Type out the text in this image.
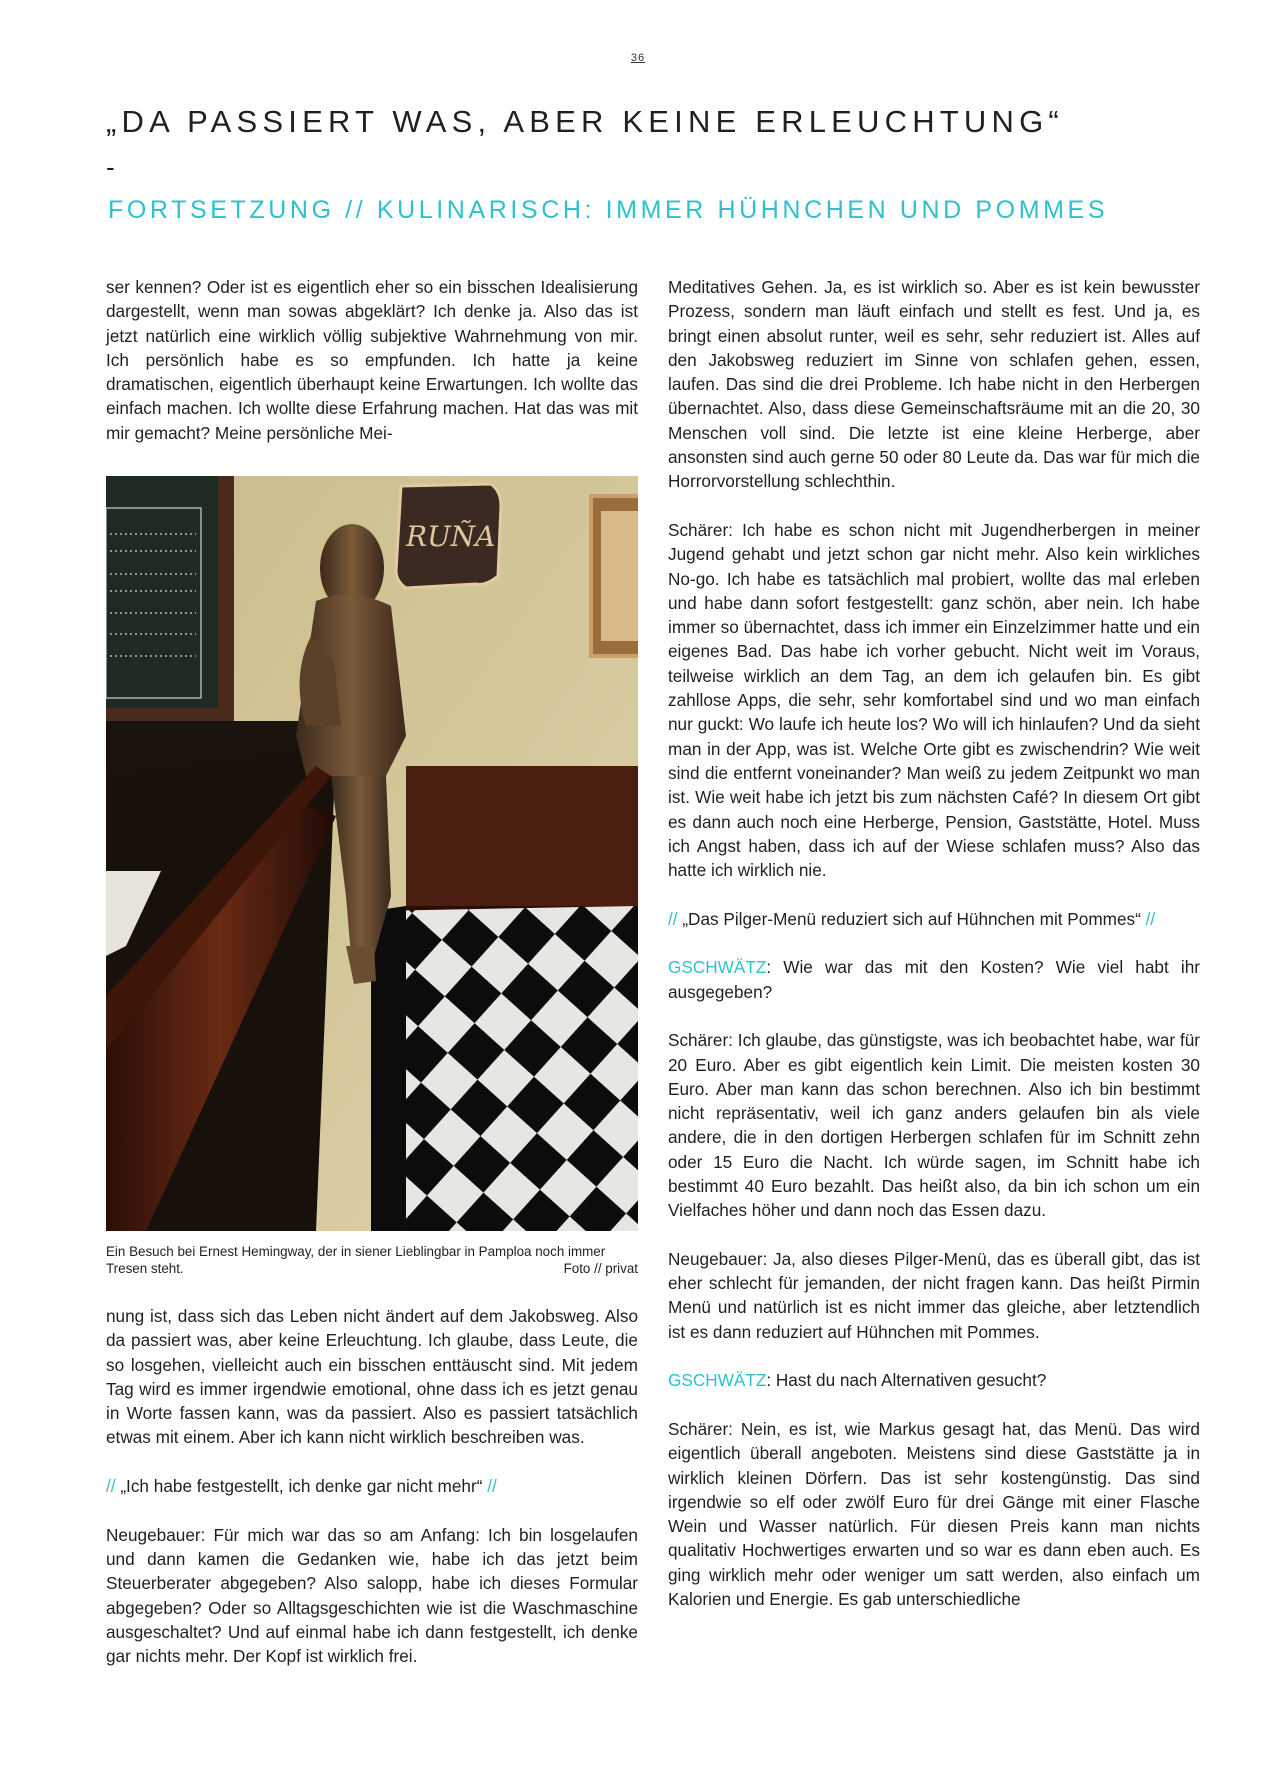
36
„DA PASSIERT WAS, ABER KEINE ERLEUCHTUNG“
-
FORTSETZUNG // KULINARISCH: IMMER HÜHNCHEN UND POMMES

ser kennen? Oder ist es eigentlich eher so ein bisschen Idealisierung dargestellt, wenn man sowas abgeklärt? Ich denke ja. Also das ist jetzt natürlich eine wirklich völlig subjektive Wahrnehmung von mir. Ich persönlich habe es so empfunden. Ich hatte ja keine dramatischen, eigentlich überhaupt keine Erwartungen. Ich wollte das einfach machen. Ich wollte diese Erfahrung machen. Hat das was mit mir gemacht? Meine persönliche Mei-

RUÑA
Ein Besuch bei Ernest Hemingway, der in siener Lieblingbar in Pamploa noch immer Tresen steht.	Foto // privat

nung ist, dass sich das Leben nicht ändert auf dem Jakobsweg. Also da passiert was, aber keine Erleuchtung. Ich glaube, dass Leute, die so losgehen, vielleicht auch ein bisschen enttäuscht sind. Mit jedem Tag wird es immer irgendwie emotional, ohne dass ich es jetzt genau in Worte fassen kann, was da passiert. Also es passiert tatsächlich etwas mit einem. Aber ich kann nicht wirklich beschreiben was.

// „Ich habe festgestellt, ich denke gar nicht mehr“ //

Neugebauer: Für mich war das so am Anfang: Ich bin losgelaufen und dann kamen die Gedanken wie, habe ich das jetzt beim Steuerberater abgegeben? Also salopp, habe ich dieses Formular abgegeben? Oder so Alltagsgeschichten wie ist die Waschmaschine ausgeschaltet? Und auf einmal habe ich dann festgestellt, ich denke gar nichts mehr. Der Kopf ist wirklich frei.

Meditatives Gehen. Ja, es ist wirklich so. Aber es ist kein bewusster Prozess, sondern man läuft einfach und stellt es fest. Und ja, es bringt einen absolut runter, weil es sehr, sehr reduziert ist. Alles auf den Jakobsweg reduziert im Sinne von schlafen gehen, essen, laufen. Das sind die drei Probleme. Ich habe nicht in den Herbergen übernachtet. Also, dass diese Gemeinschaftsräume mit an die 20, 30 Menschen voll sind. Die letzte ist eine kleine Herberge, aber ansonsten sind auch gerne 50 oder 80 Leute da. Das war für mich die Horrorvorstellung schlechthin.

Schärer: Ich habe es schon nicht mit Jugendherbergen in meiner Jugend gehabt und jetzt schon gar nicht mehr. Also kein wirkliches No-go. Ich habe es tatsächlich mal probiert, wollte das mal erleben und habe dann sofort festgestellt: ganz schön, aber nein. Ich habe immer so übernachtet, dass ich immer ein Einzelzimmer hatte und ein eigenes Bad. Das habe ich vorher gebucht. Nicht weit im Voraus, teilweise wirklich an dem Tag, an dem ich gelaufen bin. Es gibt zahllose Apps, die sehr, sehr komfortabel sind und wo man einfach nur guckt: Wo laufe ich heute los? Wo will ich hinlaufen? Und da sieht man in der App, was ist. Welche Orte gibt es zwischendrin? Wie weit sind die entfernt voneinander? Man weiß zu jedem Zeitpunkt wo man ist. Wie weit habe ich jetzt bis zum nächsten Café? In diesem Ort gibt es dann auch noch eine Herberge, Pension, Gaststätte, Hotel. Muss ich Angst haben, dass ich auf der Wiese schlafen muss? Also das hatte ich wirklich nie.

// „Das Pilger-Menü reduziert sich auf Hühnchen mit Pommes“ //

GSCHWÄTZ: Wie war das mit den Kosten? Wie viel habt ihr ausgegeben?

Schärer: Ich glaube, das günstigste, was ich beobachtet habe, war für 20 Euro. Aber es gibt eigentlich kein Limit. Die meisten kosten 30 Euro. Aber man kann das schon berechnen. Also ich bin bestimmt nicht repräsentativ, weil ich ganz anders gelaufen bin als viele andere, die in den dortigen Herbergen schlafen für im Schnitt zehn oder 15 Euro die Nacht. Ich würde sagen, im Schnitt habe ich bestimmt 40 Euro bezahlt. Das heißt also, da bin ich schon um ein Vielfaches höher und dann noch das Essen dazu.

Neugebauer: Ja, also dieses Pilger-Menü, das es überall gibt, das ist eher schlecht für jemanden, der nicht fragen kann. Das heißt Pirmin Menü und natürlich ist es nicht immer das gleiche, aber letztendlich ist es dann reduziert auf Hühnchen mit Pommes.

GSCHWÄTZ: Hast du nach Alternativen gesucht?

Schärer: Nein, es ist, wie Markus gesagt hat, das Menü. Das wird eigentlich überall angeboten. Meistens sind diese Gaststätte ja in wirklich kleinen Dörfern. Das ist sehr kostengünstig. Das sind irgendwie so elf oder zwölf Euro für drei Gänge mit einer Flasche Wein und Wasser natürlich. Für diesen Preis kann man nichts qualitativ Hochwertiges erwarten und so war es dann eben auch. Es ging wirklich mehr oder weniger um satt werden, also einfach um Kalorien und Energie. Es gab unterschiedliche
